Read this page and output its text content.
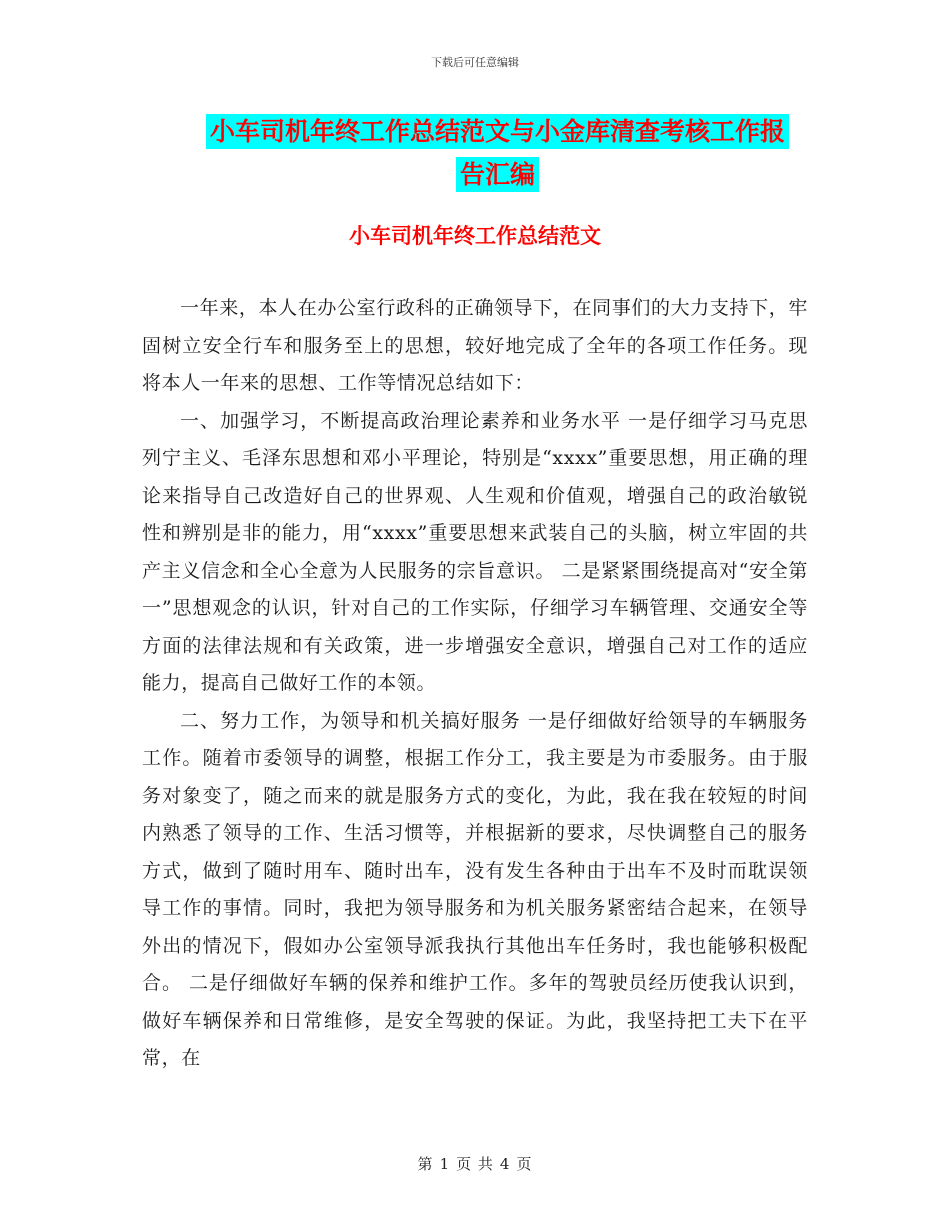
下载后可任意编辑
小车司机年终工作总结范文与小金库清查考核工作报
告汇编
小车司机年终工作总结范文

一年来，本人在办公室行政科的正确领导下，在同事们的大力支持下，牢固树立安全行车和服务至上的思想，较好地完成了全年的各项工作任务。现将本人一年来的思想、工作等情况总结如下：

一、加强学习，不断提高政治理论素养和业务水平 一是仔细学习马克思列宁主义、毛泽东思想和邓小平理论，特别是“xxxx”重要思想，用正确的理论来指导自己改造好自己的世界观、人生观和价值观，增强自己的政治敏锐性和辨别是非的能力，用“xxxx”重要思想来武装自己的头脑，树立牢固的共产主义信念和全心全意为人民服务的宗旨意识。 二是紧紧围绕提高对“安全第一”思想观念的认识，针对自己的工作实际，仔细学习车辆管理、交通安全等方面的法律法规和有关政策，进一步增强安全意识，增强自己对工作的适应能力，提高自己做好工作的本领。

二、努力工作，为领导和机关搞好服务 一是仔细做好给领导的车辆服务工作。随着市委领导的调整，根据工作分工，我主要是为市委服务。由于服务对象变了，随之而来的就是服务方式的变化，为此，我在我在较短的时间内熟悉了领导的工作、生活习惯等，并根据新的要求，尽快调整自己的服务方式，做到了随时用车、随时出车，没有发生各种由于出车不及时而耽误领导工作的事情。同时，我把为领导服务和为机关服务紧密结合起来，在领导外出的情况下，假如办公室领导派我执行其他出车任务时，我也能够积极配合。 二是仔细做好车辆的保养和维护工作。多年的驾驶员经历使我认识到，做好车辆保养和日常维修，是安全驾驶的保证。为此，我坚持把工夫下在平常，在

第 1 页 共 4 页
